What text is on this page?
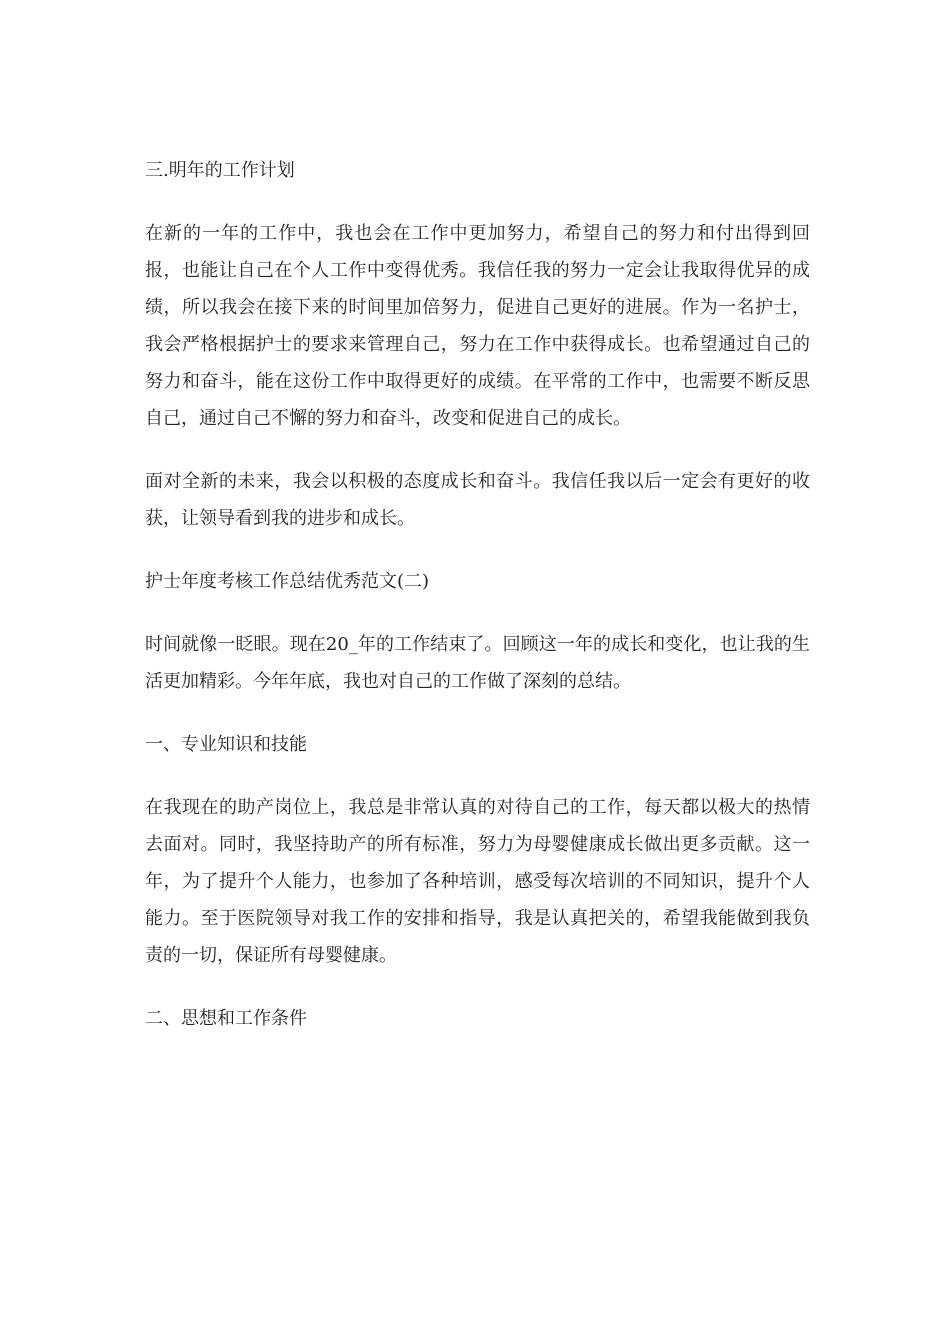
三.明年的工作计划
在新的一年的工作中，我也会在工作中更加努力，希望自己的努力和付出得到回报，也能让自己在个人工作中变得优秀。我信任我的努力一定会让我取得优异的成绩，所以我会在接下来的时间里加倍努力，促进自己更好的进展。作为一名护士，我会严格根据护士的要求来管理自己，努力在工作中获得成长。也希望通过自己的努力和奋斗，能在这份工作中取得更好的成绩。在平常的工作中，也需要不断反思自己，通过自己不懈的努力和奋斗，改变和促进自己的成长。
面对全新的未来，我会以积极的态度成长和奋斗。我信任我以后一定会有更好的收获，让领导看到我的进步和成长。
护士年度考核工作总结优秀范文(二)
时间就像一眨眼。现在20_年的工作结束了。回顾这一年的成长和变化，也让我的生活更加精彩。今年年底，我也对自己的工作做了深刻的总结。
一、专业知识和技能
在我现在的助产岗位上，我总是非常认真的对待自己的工作，每天都以极大的热情去面对。同时，我坚持助产的所有标准，努力为母婴健康成长做出更多贡献。这一年，为了提升个人能力，也参加了各种培训，感受每次培训的不同知识，提升个人能力。至于医院领导对我工作的安排和指导，我是认真把关的，希望我能做到我负责的一切，保证所有母婴健康。
二、思想和工作条件
